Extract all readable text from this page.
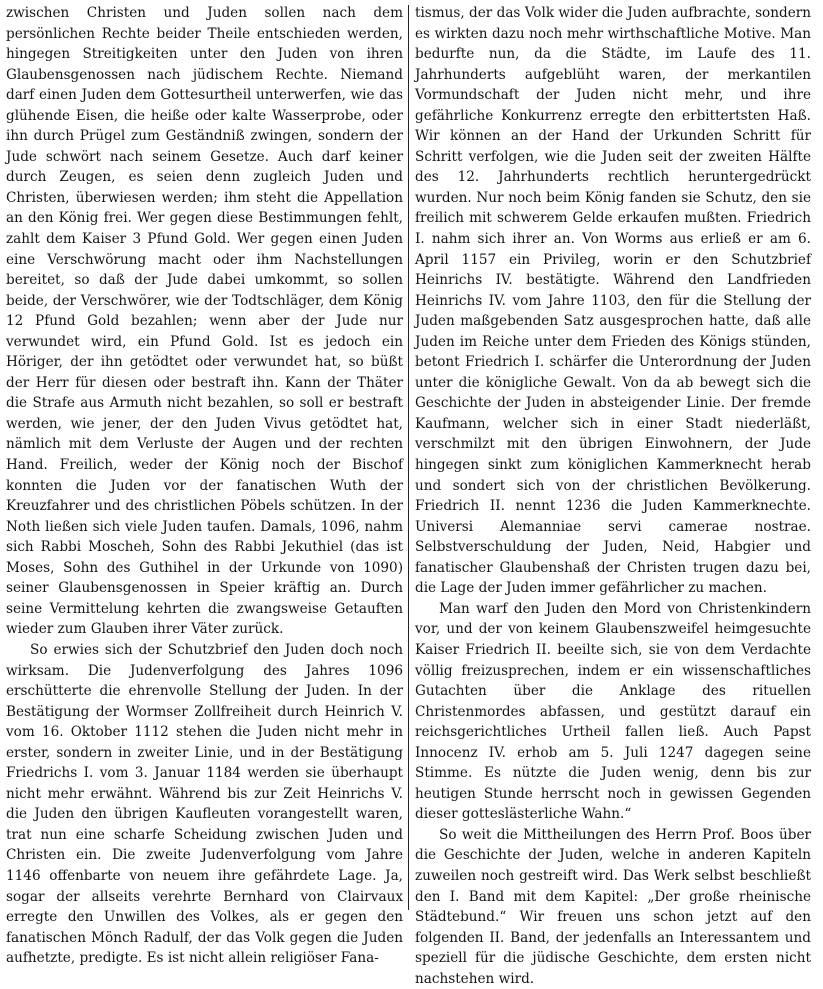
zwischen Christen und Juden sollen nach dem persönlichen Rechte beider Theile entschieden werden, hingegen Streitigkeiten unter den Juden von ihren Glaubensgenossen nach jüdischem Rechte. Niemand darf einen Juden dem Gottesurtheil unterwerfen, wie das glühende Eisen, die heiße oder kalte Wasserprobe, oder ihn durch Prügel zum Geständniß zwingen, sondern der Jude schwört nach seinem Gesetze. Auch darf keiner durch Zeugen, es seien denn zugleich Juden und Christen, überwiesen werden; ihm steht die Appellation an den König frei. Wer gegen diese Bestimmungen fehlt, zahlt dem Kaiser 3 Pfund Gold. Wer gegen einen Juden eine Verschwörung macht oder ihm Nachstellungen bereitet, so daß der Jude dabei umkommt, so sollen beide, der Verschwörer, wie der Todtschläger, dem König 12 Pfund Gold bezahlen; wenn aber der Jude nur verwundet wird, ein Pfund Gold. Ist es jedoch ein Höriger, der ihn getödtet oder verwundet hat, so büßt der Herr für diesen oder bestraft ihn. Kann der Thäter die Strafe aus Armuth nicht bezahlen, so soll er bestraft werden, wie jener, der den Juden Vivus getödtet hat, nämlich mit dem Verluste der Augen und der rechten Hand. Freilich, weder der König noch der Bischof konnten die Juden vor der fanatischen Wuth der Kreuzfahrer und des christlichen Pöbels schützen. In der Noth ließen sich viele Juden taufen. Damals, 1096, nahm sich Rabbi Moscheh, Sohn des Rabbi Jekuthiel (das ist Moses, Sohn des Guthihel in der Urkunde von 1090) seiner Glaubensgenossen in Speier kräftig an. Durch seine Vermittelung kehrten die zwangsweise Getauften wieder zum Glauben ihrer Väter zurück.

So erwies sich der Schutzbrief den Juden doch noch wirksam. Die Judenverfolgung des Jahres 1096 erschütterte die ehrenvolle Stellung der Juden. In der Bestätigung der Wormser Zollfreiheit durch Heinrich V. vom 16. Oktober 1112 stehen die Juden nicht mehr in erster, sondern in zweiter Linie, und in der Bestätigung Friedrichs I. vom 3. Januar 1184 werden sie überhaupt nicht mehr erwähnt. Während bis zur Zeit Heinrichs V. die Juden den übrigen Kaufleuten vorangestellt waren, trat nun eine scharfe Scheidung zwischen Juden und Christen ein. Die zweite Judenverfolgung vom Jahre 1146 offenbarte von neuem ihre gefährdete Lage. Ja, sogar der allseits verehrte Bernhard von Clairvaux erregte den Unwillen des Volkes, als er gegen den fanatischen Mönch Radulf, der das Volk gegen die Juden aufhetzte, predigte. Es ist nicht allein religiöser Fana-

tismus, der das Volk wider die Juden aufbrachte, sondern es wirkten dazu noch mehr wirthschaftliche Motive. Man bedurfte nun, da die Städte, im Laufe des 11. Jahrhunderts aufgeblüht waren, der merkantilen Vormundschaft der Juden nicht mehr, und ihre gefährliche Konkurrenz erregte den erbittertsten Haß. Wir können an der Hand der Urkunden Schritt für Schritt verfolgen, wie die Juden seit der zweiten Hälfte des 12. Jahrhunderts rechtlich heruntergedrückt wurden. Nur noch beim König fanden sie Schutz, den sie freilich mit schwerem Gelde erkaufen mußten. Friedrich I. nahm sich ihrer an. Von Worms aus erließ er am 6. April 1157 ein Privileg, worin er den Schutzbrief Heinrichs IV. bestätigte. Während den Landfrieden Heinrichs IV. vom Jahre 1103, den für die Stellung der Juden maßgebenden Satz ausgesprochen hatte, daß alle Juden im Reiche unter dem Frieden des Königs stünden, betont Friedrich I. schärfer die Unterordnung der Juden unter die königliche Gewalt. Von da ab bewegt sich die Geschichte der Juden in absteigender Linie. Der fremde Kaufmann, welcher sich in einer Stadt niederläßt, verschmilzt mit den übrigen Einwohnern, der Jude hingegen sinkt zum königlichen Kammerknecht herab und sondert sich von der christlichen Bevölkerung. Friedrich II. nennt 1236 die Juden Kammerknechte. Universi Alemanniae servi camerae nostrae. Selbstverschuldung der Juden, Neid, Habgier und fanatischer Glaubenshaß der Christen trugen dazu bei, die Lage der Juden immer gefährlicher zu machen.

Man warf den Juden den Mord von Christenkindern vor, und der von keinem Glaubenszweifel heimgesuchte Kaiser Friedrich II. beeilte sich, sie von dem Verdachte völlig freizusprechen, indem er ein wissenschaftliches Gutachten über die Anklage des rituellen Christenmordes abfassen, und gestützt darauf ein reichsgerichtliches Urtheil fallen ließ. Auch Papst Innocenz IV. erhob am 5. Juli 1247 dagegen seine Stimme. Es nützte die Juden wenig, denn bis zur heutigen Stunde herrscht noch in gewissen Gegenden dieser gotteslästerliche Wahn.“

So weit die Mittheilungen des Herrn Prof. Boos über die Geschichte der Juden, welche in anderen Kapiteln zuweilen noch gestreift wird. Das Werk selbst beschließt den I. Band mit dem Kapitel: „Der große rheinische Städtebund.“ Wir freuen uns schon jetzt auf den folgenden II. Band, der jedenfalls an Interessantem und speziell für die jüdische Geschichte, dem ersten nicht nachstehen wird.
